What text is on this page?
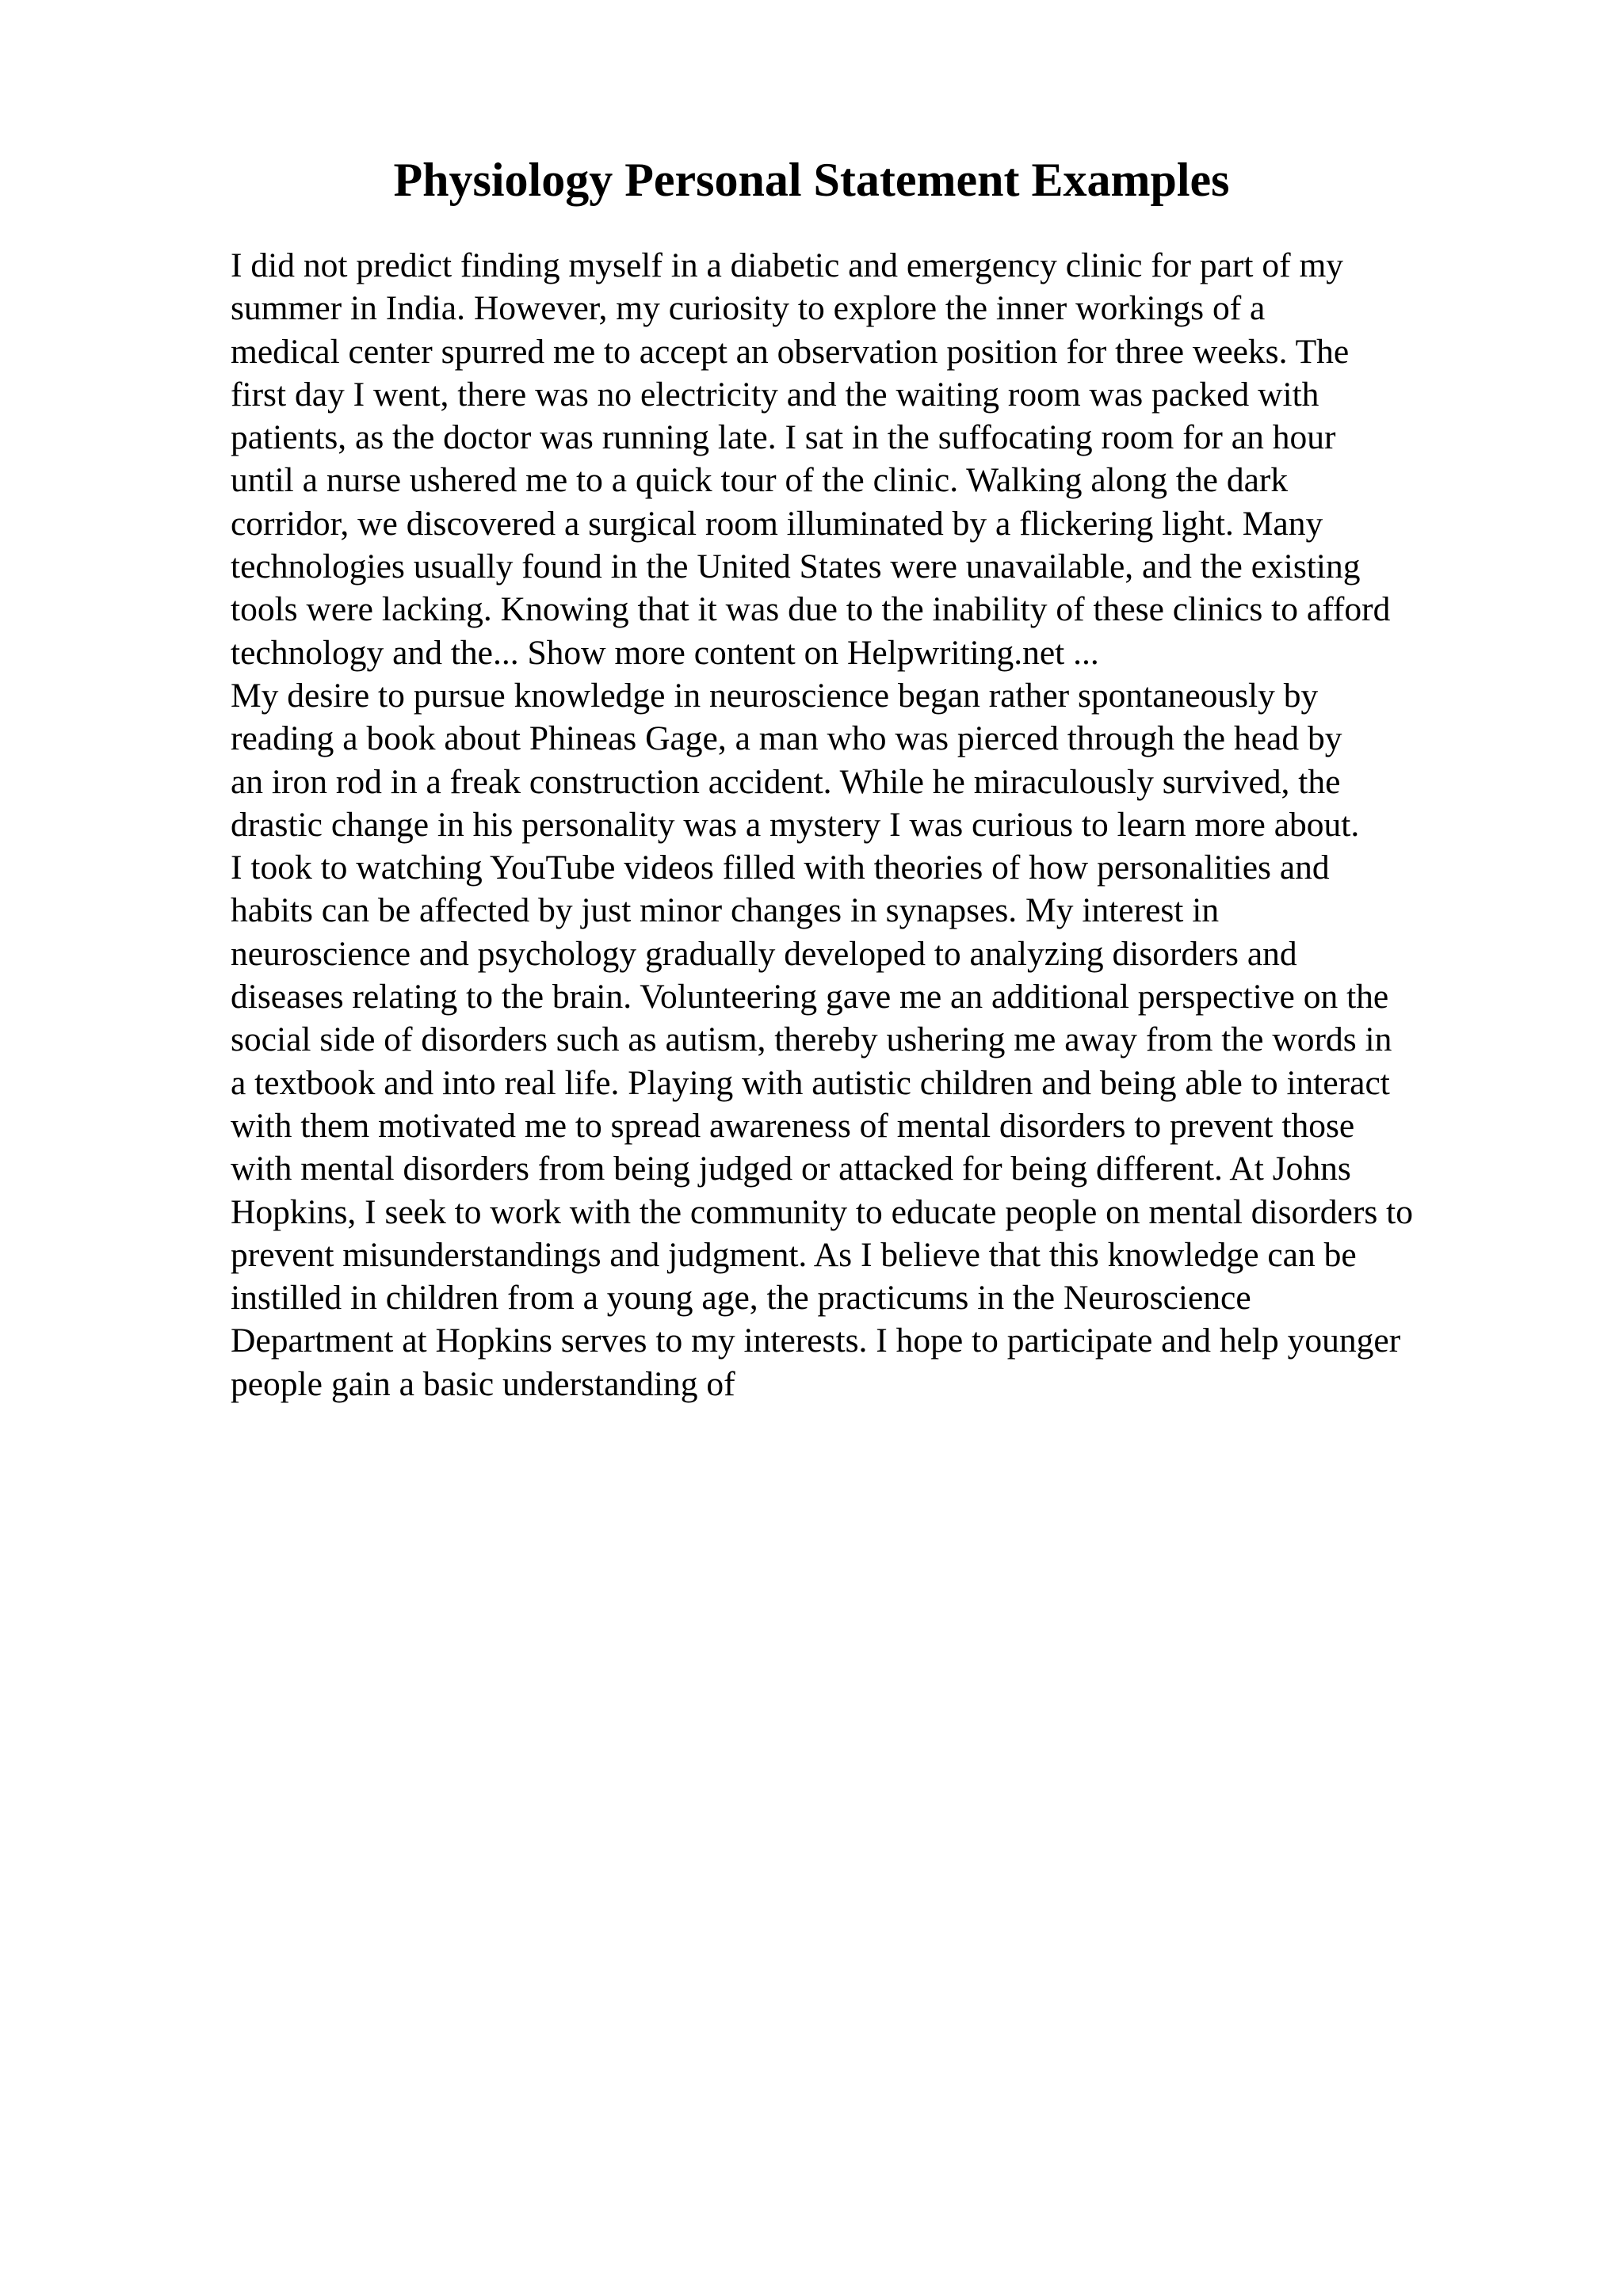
Physiology Personal Statement Examples
I did not predict finding myself in a diabetic and emergency clinic for part of my
summer in India. However, my curiosity to explore the inner workings of a
medical center spurred me to accept an observation position for three weeks. The
first day I went, there was no electricity and the waiting room was packed with
patients, as the doctor was running late. I sat in the suffocating room for an hour
until a nurse ushered me to a quick tour of the clinic. Walking along the dark
corridor, we discovered a surgical room illuminated by a flickering light. Many
technologies usually found in the United States were unavailable, and the existing
tools were lacking. Knowing that it was due to the inability of these clinics to afford
technology and the... Show more content on Helpwriting.net ...
My desire to pursue knowledge in neuroscience began rather spontaneously by
reading a book about Phineas Gage, a man who was pierced through the head by
an iron rod in a freak construction accident. While he miraculously survived, the
drastic change in his personality was a mystery I was curious to learn more about.
I took to watching YouTube videos filled with theories of how personalities and
habits can be affected by just minor changes in synapses. My interest in
neuroscience and psychology gradually developed to analyzing disorders and
diseases relating to the brain. Volunteering gave me an additional perspective on the
social side of disorders such as autism, thereby ushering me away from the words in
a textbook and into real life. Playing with autistic children and being able to interact
with them motivated me to spread awareness of mental disorders to prevent those
with mental disorders from being judged or attacked for being different. At Johns
Hopkins, I seek to work with the community to educate people on mental disorders to
prevent misunderstandings and judgment. As I believe that this knowledge can be
instilled in children from a young age, the practicums in the Neuroscience
Department at Hopkins serves to my interests. I hope to participate and help younger
people gain a basic understanding of
